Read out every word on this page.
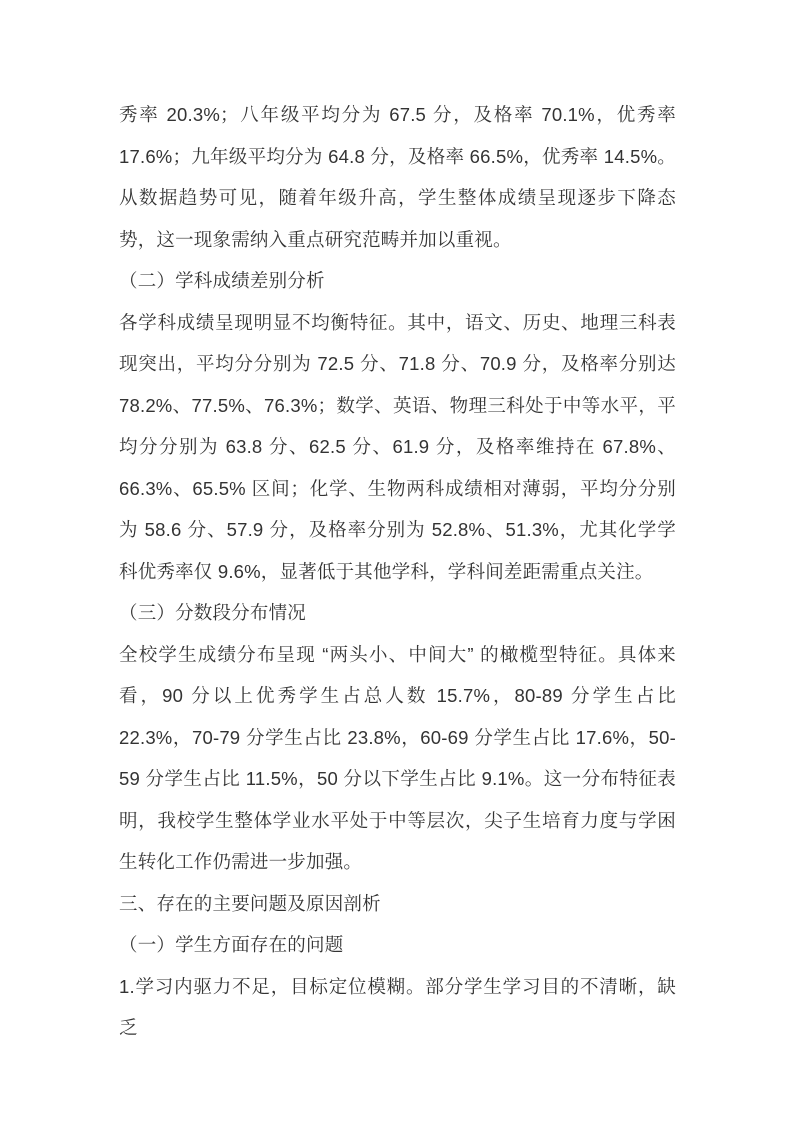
秀率 20.3%；八年级平均分为 67.5 分，及格率 70.1%，优秀率 17.6%；九年级平均分为 64.8 分，及格率 66.5%，优秀率 14.5%。从数据趋势可见，随着年级升高，学生整体成绩呈现逐步下降态势，这一现象需纳入重点研究范畴并加以重视。

（二）学科成绩差别分析

各学科成绩呈现明显不均衡特征。其中，语文、历史、地理三科表现突出，平均分分别为 72.5 分、71.8 分、70.9 分，及格率分别达 78.2%、77.5%、76.3%；数学、英语、物理三科处于中等水平，平均分分别为 63.8 分、62.5 分、61.9 分，及格率维持在 67.8%、66.3%、65.5% 区间；化学、生物两科成绩相对薄弱，平均分分别为 58.6 分、57.9 分，及格率分别为 52.8%、51.3%，尤其化学学科优秀率仅 9.6%，显著低于其他学科，学科间差距需重点关注。

（三）分数段分布情况

全校学生成绩分布呈现 “两头小、中间大” 的橄榄型特征。具体来看，90 分以上优秀学生占总人数 15.7%，80-89 分学生占比 22.3%，70-79 分学生占比 23.8%，60-69 分学生占比 17.6%，50-59 分学生占比 11.5%，50 分以下学生占比 9.1%。这一分布特征表明，我校学生整体学业水平处于中等层次，尖子生培育力度与学困生转化工作仍需进一步加强。

三、存在的主要问题及原因剖析

（一）学生方面存在的问题

1.学习内驱力不足，目标定位模糊。部分学生学习目的不清晰，缺乏
